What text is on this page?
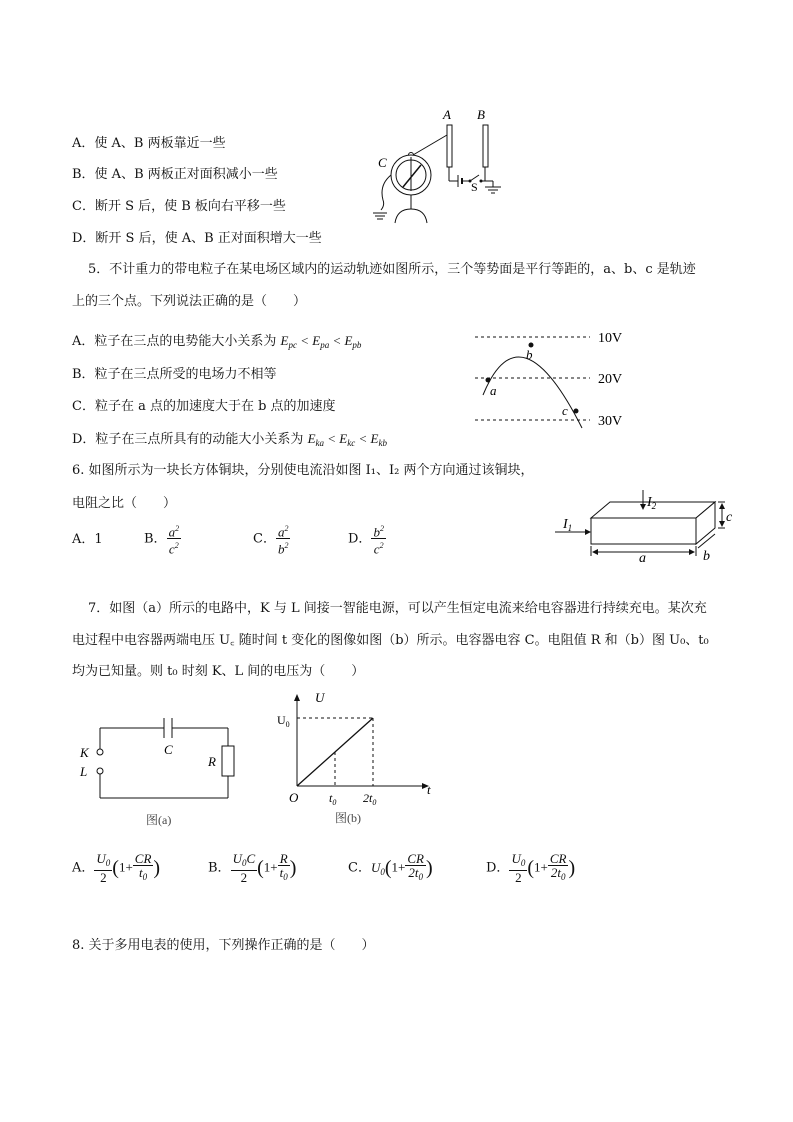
A．使 A、B 两板靠近一些
B．使 A、B 两板正对面积减小一些
C．断开 S 后，使 B 板向右平移一些
D．断开 S 后，使 A、B 正对面积增大一些
A B
C
S
5．不计重力的带电粒子在某电场区域内的运动轨迹如图所示，三个等势面是平行等距的，a、b、c 是轨迹
上的三个点。下列说法正确的是（　　）
A．粒子在三点的电势能大小关系为 $E_{pc} < E_{pa} < E_{pb}$
B．粒子在三点所受的电场力不相等
C．粒子在 a 点的加速度大于在 b 点的加速度
D．粒子在三点所具有的动能大小关系为 $E_{ka} < E_{kc} < E_{kb}$
10V
20V
30V
a
b
c
6. 如图所示为一块长方体铜块，分别使电流沿如图 I₁、I₂ 两个方向通过该铜块，
电阻之比（　　）
A．1	B． $\frac{a^2}{c^2}$	C． $\frac{a^2}{b^2}$	D． $\frac{b^2}{c^2}$	$I_1$
$I_2$
a	b
c
7．如图（a）所示的电路中，K 与 L 间接一智能电源，可以产生恒定电流来给电容器进行持续充电。某次充
电过程中电容器两端电压 U꜀ 随时间 t 变化的图像如图（b）所示。电容器电容 C。电阻值 R 和（b）图 U₀、t₀
均为已知量。则 t₀ 时刻 K、L 间的电压为（　　）
K
L
C
R
图(a)
U
$U_0$
O	$t_0$ $2t_0$
t
图(b)
A． $\frac{U_0}{2} (1+ \frac{CR}{t_0}$ )	B． $\frac{U_0C}{2} (1+ \frac{R}{t_0}$ )	C．$U_0(1+ \frac{CR}{2t_0}$ )	D． $\frac{U_0}{2} (1+ \frac{CR}{2t_0}$ )
8. 关于多用电表的使用，下列操作正确的是（　　）
